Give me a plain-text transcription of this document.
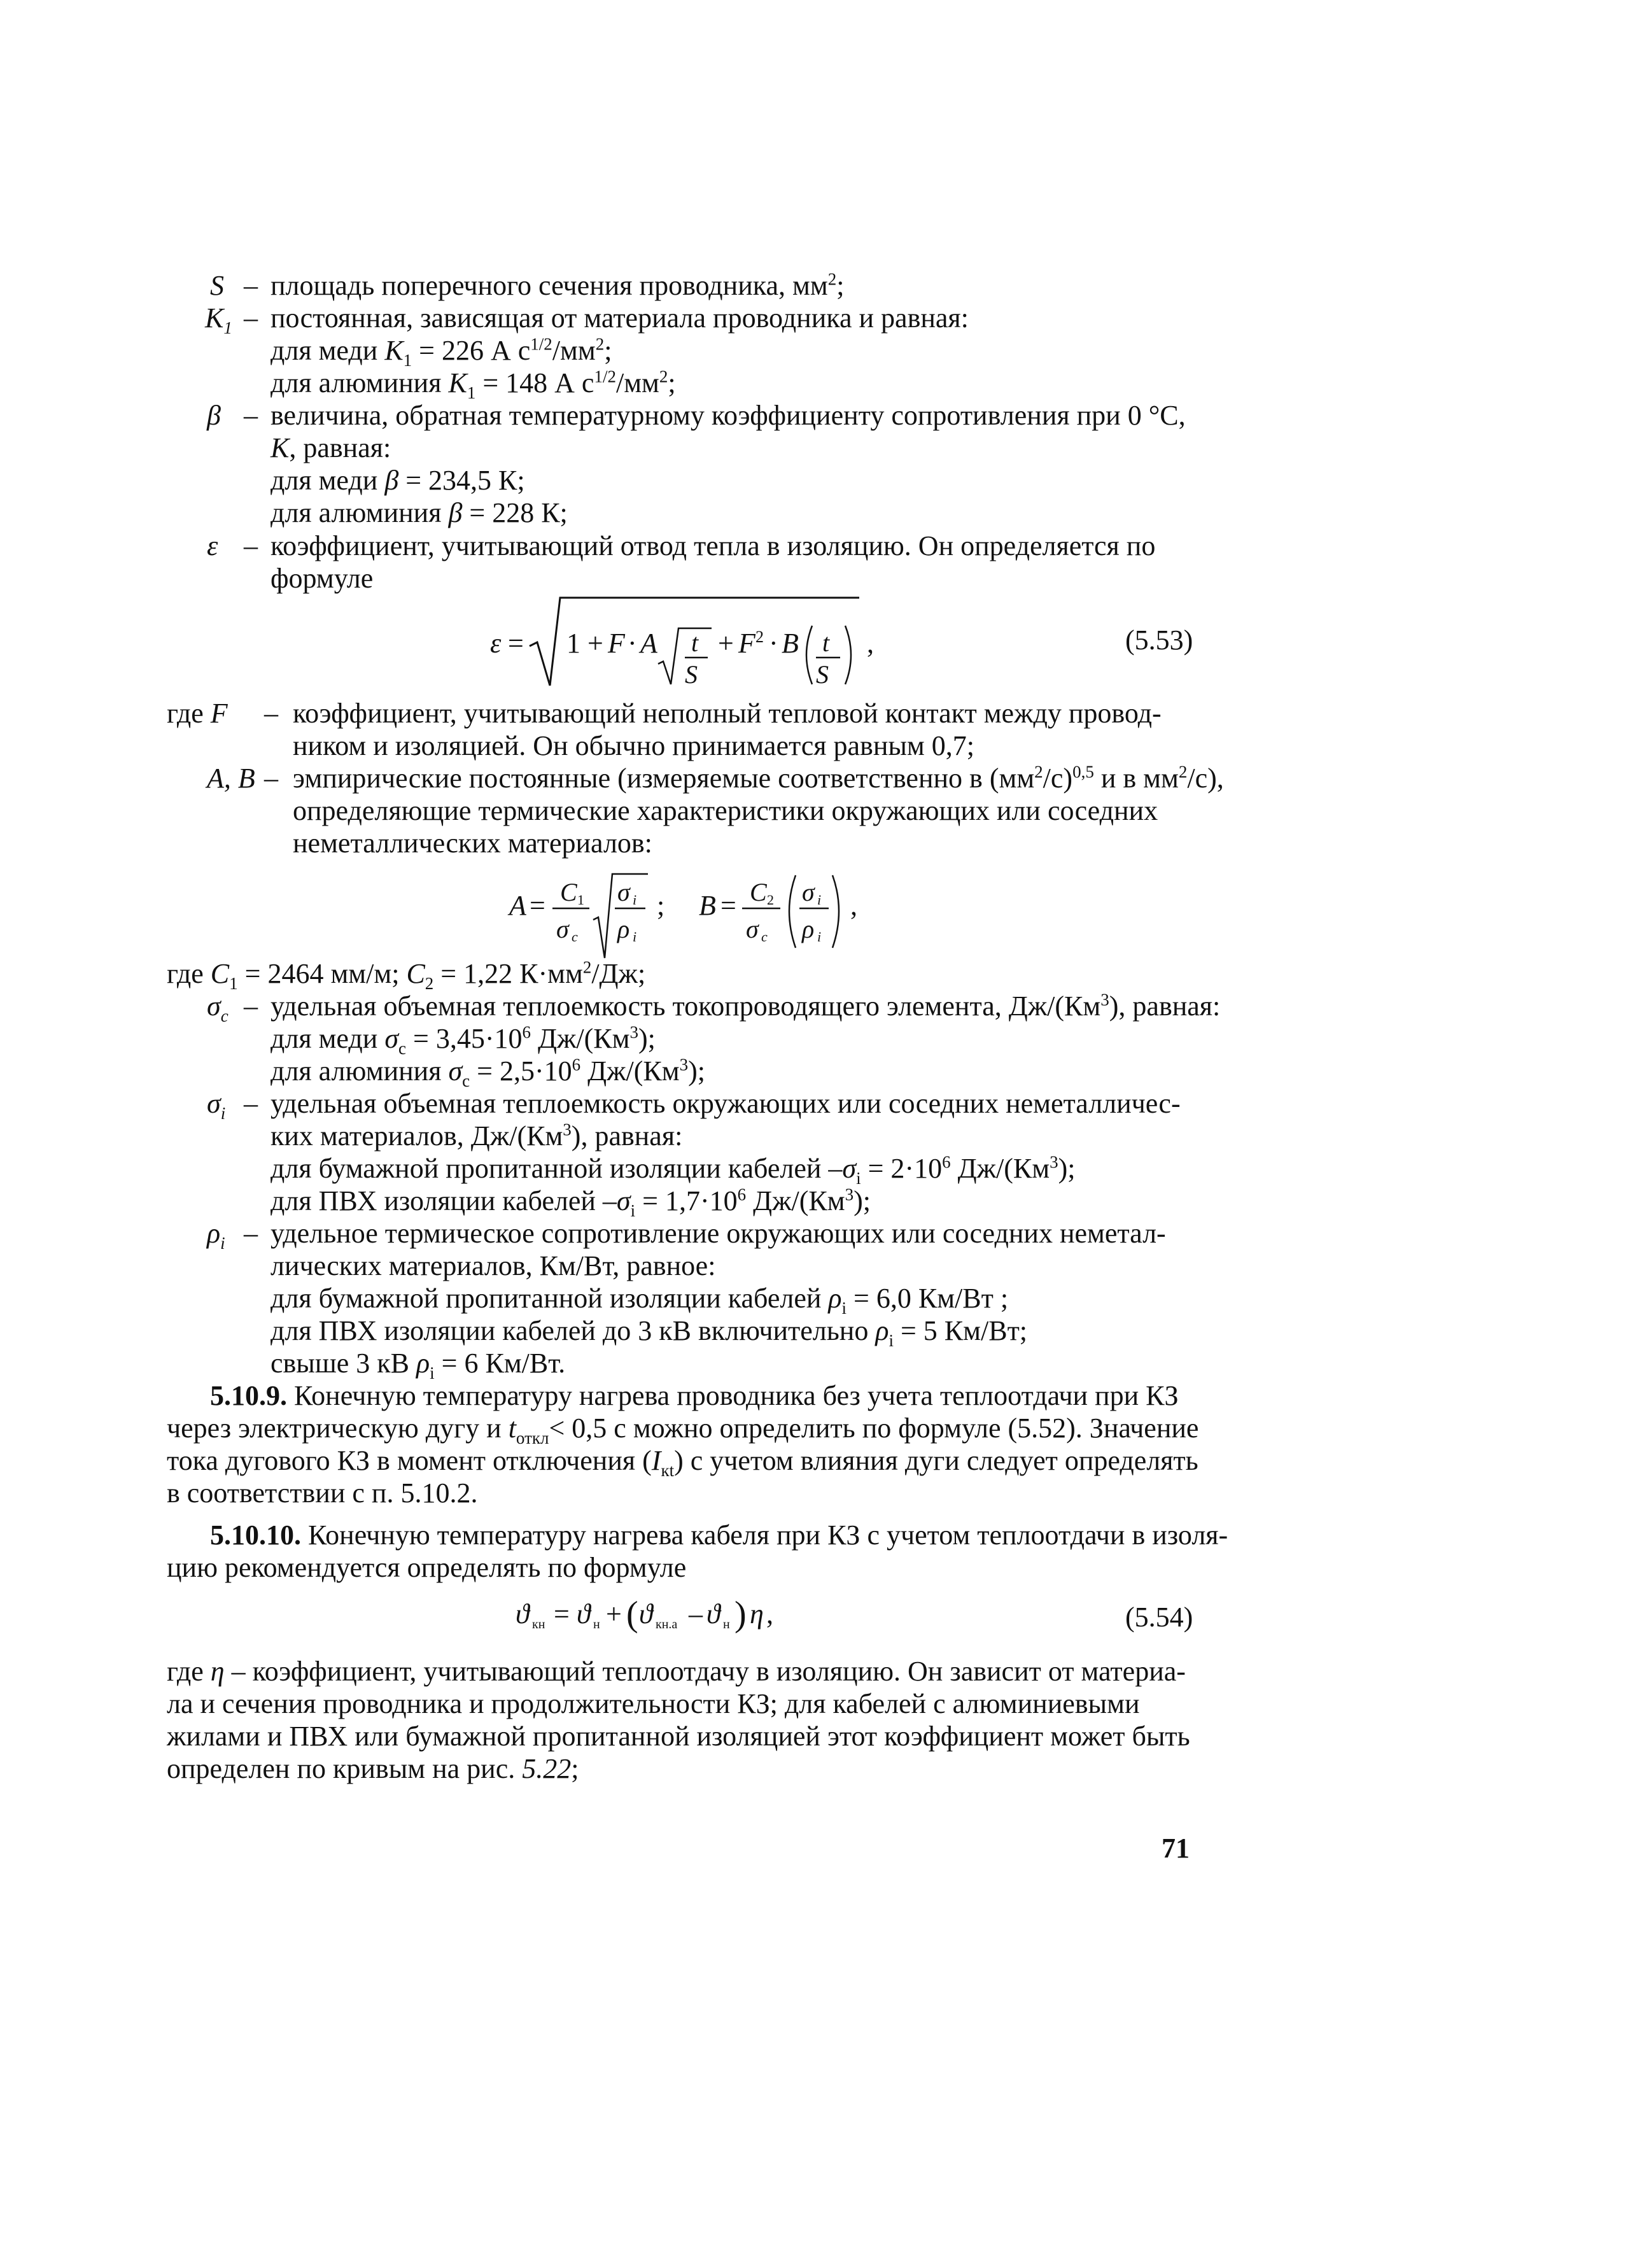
S – площадь поперечного сечения проводника, $мм^2$;
$K_1$ – постоянная, зависящая от материала проводника и равная:
для меди $K_1 = 226$ А $с^{1/2}/мм^2$;
для алюминия $K_1 = 148$ А $с^{1/2}/мм^2$;
β – величина, обратная температурному коэффициенту сопротивления при 0 °С,
K, равная:
для меди β = 234,5 К;
для алюминия β = 228 К;
ε – коэффициент, учитывающий отвод тепла в изоляцию. Он определяется по
формуле
ε = 1 + F · A t
S
+ F 2 · B t
S
,	(5.53)
где F – коэффициент, учитывающий неполный тепловой контакт между провод-
ником и изоляцией. Он обычно принимается равным 0,7;
A, B – эмпирические постоянные (измеряемые соответственно в $(мм^2/с)^{0,5}$ и в $мм^2/с$),
определяющие термические характеристики окружающих или соседних
неметаллических материалов:
A = C 1
σ c
σ i
ρ i
; B = C 2
σ c
σ i
ρ i
,
где $C_1 = 2464$ мм/м; $C_2 = 1,22$ $К\cdot мм^2/Дж$;
$\sigma_c$ – удельная объемная теплоемкость токопроводящего элемента, $Дж/(Км^3)$, равная:
для меди $\sigma_c = 3,45\cdot 10^6$ $Дж/(Км^3)$;
для алюминия $\sigma_c = 2,5\cdot 10^6$ $Дж/(Км^3)$;
$\sigma_i$ – удельная объемная теплоемкость окружающих или соседних неметалличес-
ких материалов, $Дж/(Км^3)$, равная:
для бумажной пропитанной изоляции кабелей $-\sigma_i = 2\cdot 10^6$ $Дж/(Км^3)$;
для ПВХ изоляции кабелей $-\sigma_i = 1,7\cdot 10^6$ $Дж/(Км^3)$;
$\rho_i$ – удельное термическое сопротивление окружающих или соседних неметал-
лических материалов, Км/Вт, равное:
для бумажной пропитанной изоляции кабелей $\rho_i = 6,0$ Км/Вт ;
для ПВХ изоляции кабелей до 3 кВ включительно $\rho_i = 5$ Км/Вт;
свыше 3 кВ $\rho_i = 6$ Км/Вт.
5.10.9. Конечную температуру нагрева проводника без учета теплоотдачи при КЗ
через электрическую дугу и $t_{откл}< 0,5$ с можно определить по формуле (5.52). Значение
тока дугового КЗ в момент отключения $(I_{кt})$ с учетом влияния дуги следует определять
в соответствии с п. 5.10.2.
5.10.10. Конечную температуру нагрева кабеля при КЗ с учетом теплоотдачи в изоля-
цию рекомендуется определять по формуле
ϑ кн = ϑ н + ( ϑ кн.а – ϑ н ) η ,	(5.54)
где η – коэффициент, учитывающий теплоотдачу в изоляцию. Он зависит от материа-
ла и сечения проводника и продолжительности КЗ; для кабелей с алюминиевыми
жилами и ПВХ или бумажной пропитанной изоляцией этот коэффициент может быть
определен по кривым на рис. 5.22;
71
